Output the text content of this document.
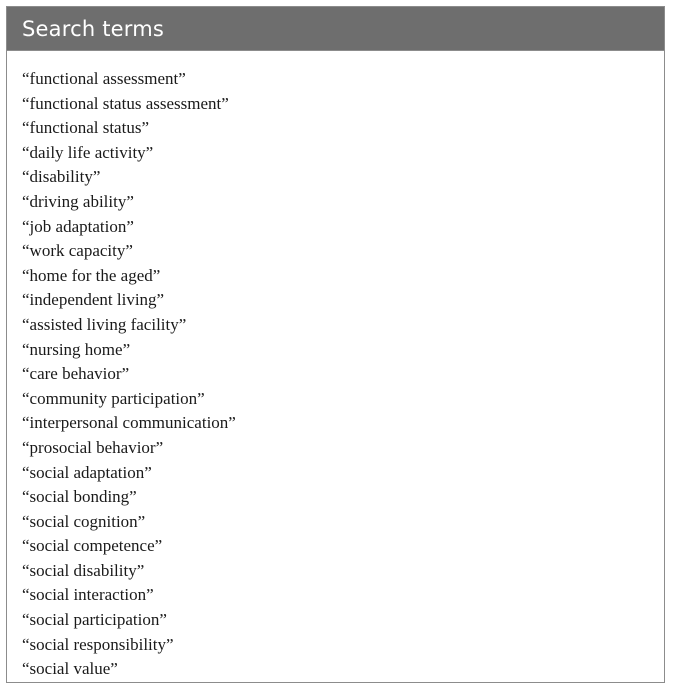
Search terms
“functional assessment”
“functional status assessment”
“functional status”
“daily life activity”
“disability”
“driving ability”
“job adaptation”
“work capacity”
“home for the aged”
“independent living”
“assisted living facility”
“nursing home”
“care behavior”
“community participation”
“interpersonal communication”
“prosocial behavior”
“social adaptation”
“social bonding”
“social cognition”
“social competence”
“social disability”
“social interaction”
“social participation”
“social responsibility”
“social value”
